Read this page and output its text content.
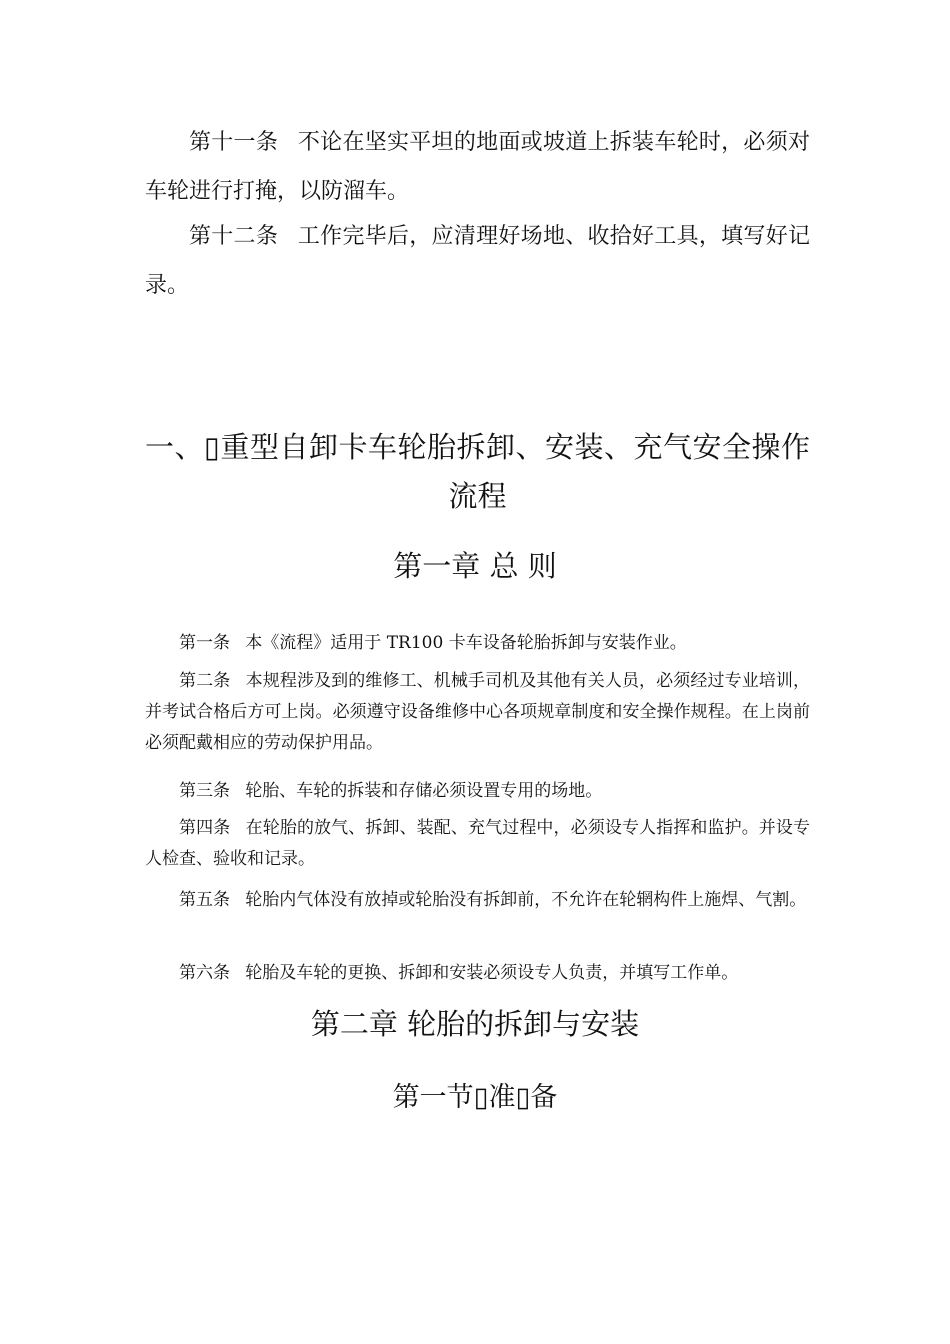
第十一条 不论在坚实平坦的地面或坡道上拆装车轮时，必须对车轮进行打掩，以防溜车。

第十二条 工作完毕后，应清理好场地、收拾好工具，填写好记录。

一、▯重型自卸卡车轮胎拆卸、安装、充气安全操作流程
第一章 总 则

第一条 本《流程》适用于 TR100 卡车设备轮胎拆卸与安装作业。

第二条 本规程涉及到的维修工、机械手司机及其他有关人员，必须经过专业培训，并考试合格后方可上岗。必须遵守设备维修中心各项规章制度和安全操作规程。在上岗前必须配戴相应的劳动保护用品。

第三条 轮胎、车轮的拆装和存储必须设置专用的场地。

第四条 在轮胎的放气、拆卸、装配、充气过程中，必须设专人指挥和监护。并设专人检查、验收和记录。

第五条 轮胎内气体没有放掉或轮胎没有拆卸前，不允许在轮辋构件上施焊、气割。

第六条 轮胎及车轮的更换、拆卸和安装必须设专人负责，并填写工作单。

第二章 轮胎的拆卸与安装
第一节▯准▯备
